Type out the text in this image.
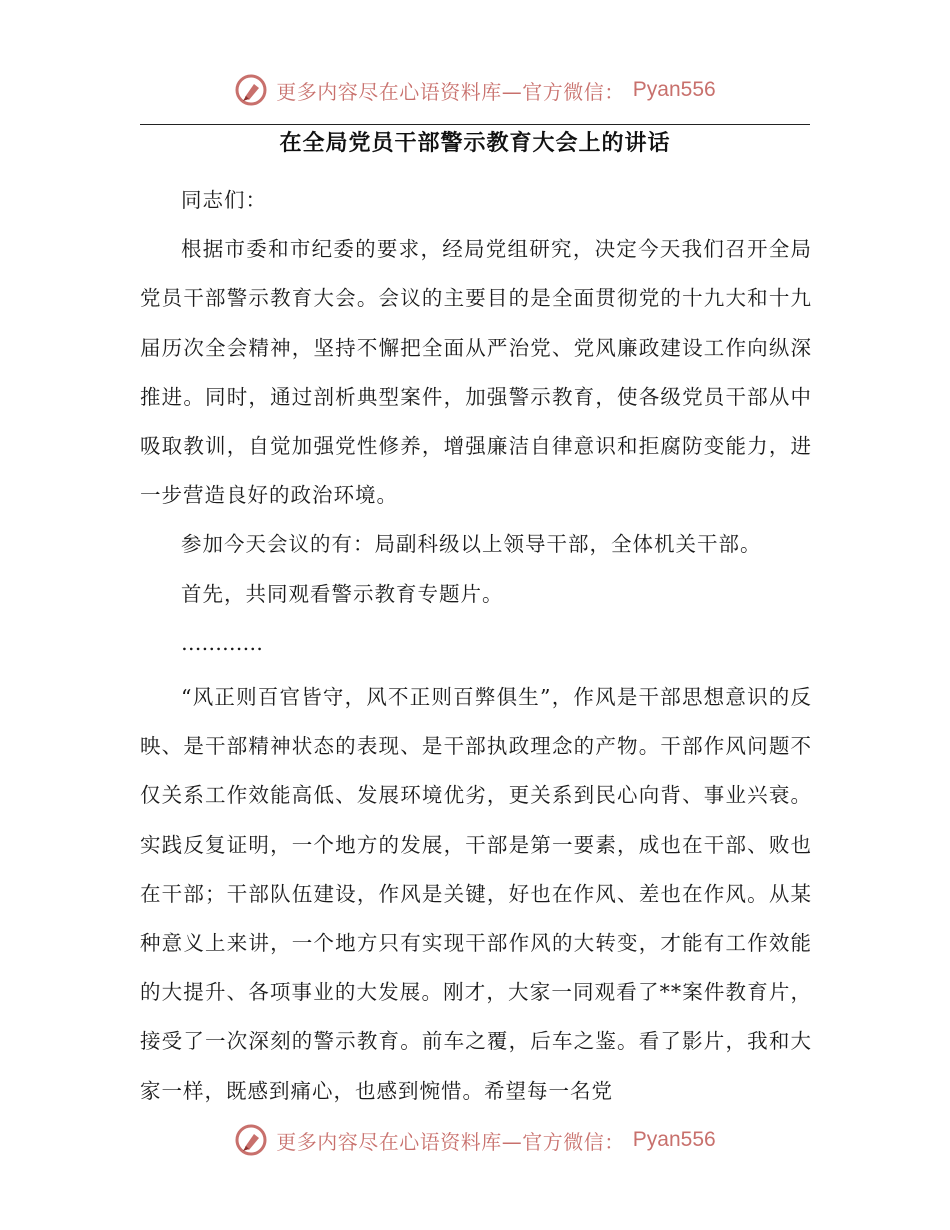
更多内容尽在心语资料库—官方微信： Pyan556
在全局党员干部警示教育大会上的讲话

同志们：

根据市委和市纪委的要求，经局党组研究，决定今天我们召开全局党员干部警示教育大会。会议的主要目的是全面贯彻党的十九大和十九届历次全会精神，坚持不懈把全面从严治党、党风廉政建设工作向纵深推进。同时，通过剖析典型案件，加强警示教育，使各级党员干部从中吸取教训，自觉加强党性修养，增强廉洁自律意识和拒腐防变能力，进一步营造良好的政治环境。

参加今天会议的有：局副科级以上领导干部，全体机关干部。

首先，共同观看警示教育专题片。

…………

“风正则百官皆守，风不正则百弊俱生”，作风是干部思想意识的反映、是干部精神状态的表现、是干部执政理念的产物。干部作风问题不仅关系工作效能高低、发展环境优劣，更关系到民心向背、事业兴衰。实践反复证明，一个地方的发展，干部是第一要素，成也在干部、败也在干部；干部队伍建设，作风是关键，好也在作风、差也在作风。从某种意义上来讲，一个地方只有实现干部作风的大转变，才能有工作效能的大提升、各项事业的大发展。刚才，大家一同观看了**案件教育片，接受了一次深刻的警示教育。前车之覆，后车之鉴。看了影片，我和大家一样，既感到痛心，也感到惋惜。希望每一名党

更多内容尽在心语资料库—官方微信： Pyan556
